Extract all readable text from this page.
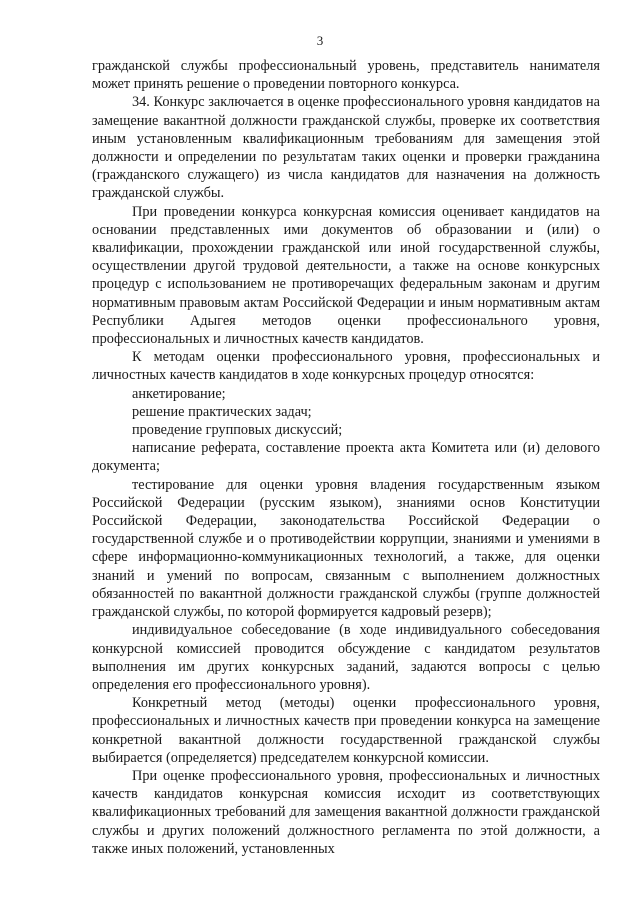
3

гражданской службы профессиональный уровень, представитель нанимателя может принять решение о проведении повторного конкурса.

34. Конкурс заключается в оценке профессионального уровня кандидатов на замещение вакантной должности гражданской службы, проверке их соответствия иным установленным квалификационным требованиям для замещения этой должности и определении по результатам таких оценки и проверки гражданина (гражданского служащего) из числа кандидатов для назначения на должность гражданской службы.

При проведении конкурса конкурсная комиссия оценивает кандидатов на основании представленных ими документов об образовании и (или) о квалификации, прохождении гражданской или иной государственной службы, осуществлении другой трудовой деятельности, а также на основе конкурсных процедур с использованием не противоречащих федеральным законам и другим нормативным правовым актам Российской Федерации и иным нормативным актам Республики Адыгея методов оценки профессионального уровня, профессиональных и личностных качеств кандидатов.

К методам оценки профессионального уровня, профессиональных и личностных качеств кандидатов в ходе конкурсных процедур относятся:

анкетирование;

решение практических задач;

проведение групповых дискуссий;

написание реферата, составление проекта акта Комитета или (и) делового документа;

тестирование для оценки уровня владения государственным языком Российской Федерации (русским языком), знаниями основ Конституции Российской Федерации, законодательства Российской Федерации о государственной службе и о противодействии коррупции, знаниями и умениями в сфере информационно-коммуникационных технологий, а также, для оценки знаний и умений по вопросам, связанным с выполнением должностных обязанностей по вакантной должности гражданской службы (группе должностей гражданской службы, по которой формируется кадровый резерв);

индивидуальное собеседование (в ходе индивидуального собеседования конкурсной комиссией проводится обсуждение с кандидатом результатов выполнения им других конкурсных заданий, задаются вопросы с целью определения его профессионального уровня).

Конкретный метод (методы) оценки профессионального уровня, профессиональных и личностных качеств при проведении конкурса на замещение конкретной вакантной должности государственной гражданской службы выбирается (определяется) председателем конкурсной комиссии.

При оценке профессионального уровня, профессиональных и личностных качеств кандидатов конкурсная комиссия исходит из соответствующих квалификационных требований для замещения вакантной должности гражданской службы и других положений должностного регламента по этой должности, а также иных положений, установленных
